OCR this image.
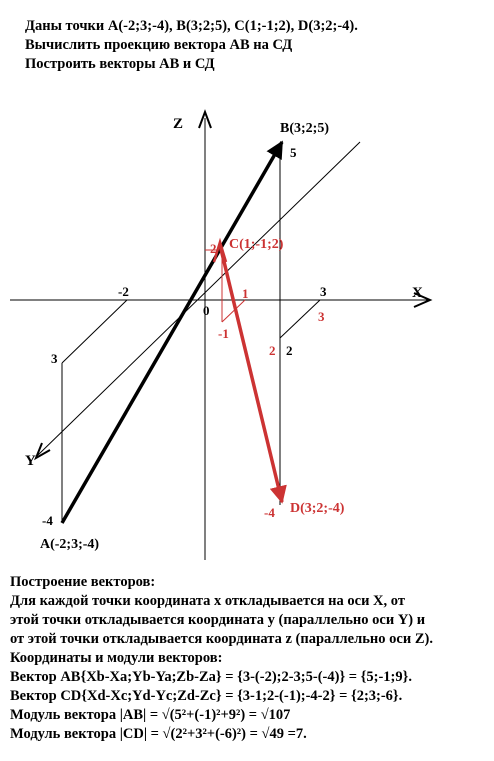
Даны точки А(-2;3;-4), В(3;2;5), С(1;-1;2), D(3;2;-4).
Вычислить проекцию вектора АВ на СД
Построить векторы АВ и СД
Z
X
Y
0
B(3;2;5)
5
C(1;-1;2)
2
1
-1
3
3
-2
3
2
2
-4
-4 D(3;2;-4)
A(-2;3;-4)
Построение векторов:
Для каждой точки координата x откладывается на оси X, от
этой точки откладывается координата y (параллельно оси Y) и
от этой точки откладывается координата z (параллельно оси Z).
Координаты и модули векторов:
Вектор АВ{Xb-Xa;Yb-Ya;Zb-Za} = {3-(-2);2-3;5-(-4)} = {5;-1;9}.
Вектор CD{Xd-Xc;Yd-Yc;Zd-Zc} = {3-1;2-(-1);-4-2} = {2;3;-6}.
Модуль вектора |AB| = √(5²+(-1)²+9²) = √107
Модуль вектора |CD| = √(2²+3²+(-6)²) = √49 =7.
